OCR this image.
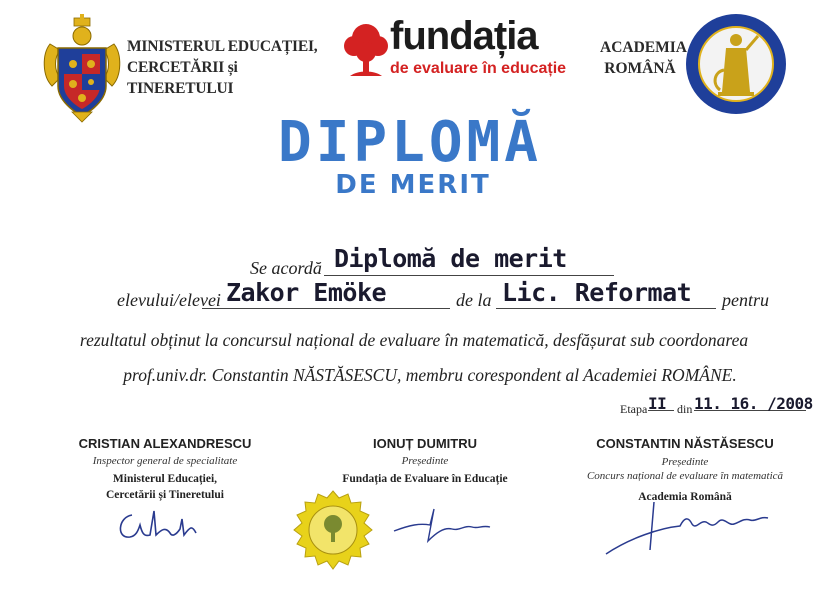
MINISTERUL EDUCAȚIEI,
CERCETĂRII și TINERETULUI
fundația
de evaluare în educație
ACADEMIA
ROMÂNĂ
DIPLOMĂ
DE MERIT
Se acordă Diplomă de merit
elevului/elevei Zakor Emöke	de la Lic. Reformat pentru
rezultatul obținut la concursul național de evaluare în matematică, desfășurat sub coordonarea
prof.univ.dr. Constantin NĂSTĂSESCU, membru corespondent al Academiei ROMÂNE.
Etapa II din 11. 16. /2008
CRISTIAN ALEXANDRESCU
Inspector general de specialitate
Ministerul Educației,
Cercetării și Tineretului
IONUȚ DUMITRU
Președinte
Fundația de Evaluare în Educație
CONSTANTIN NĂSTĂSESCU
Președinte
Concurs național de evaluare în matematică
Academia Română
